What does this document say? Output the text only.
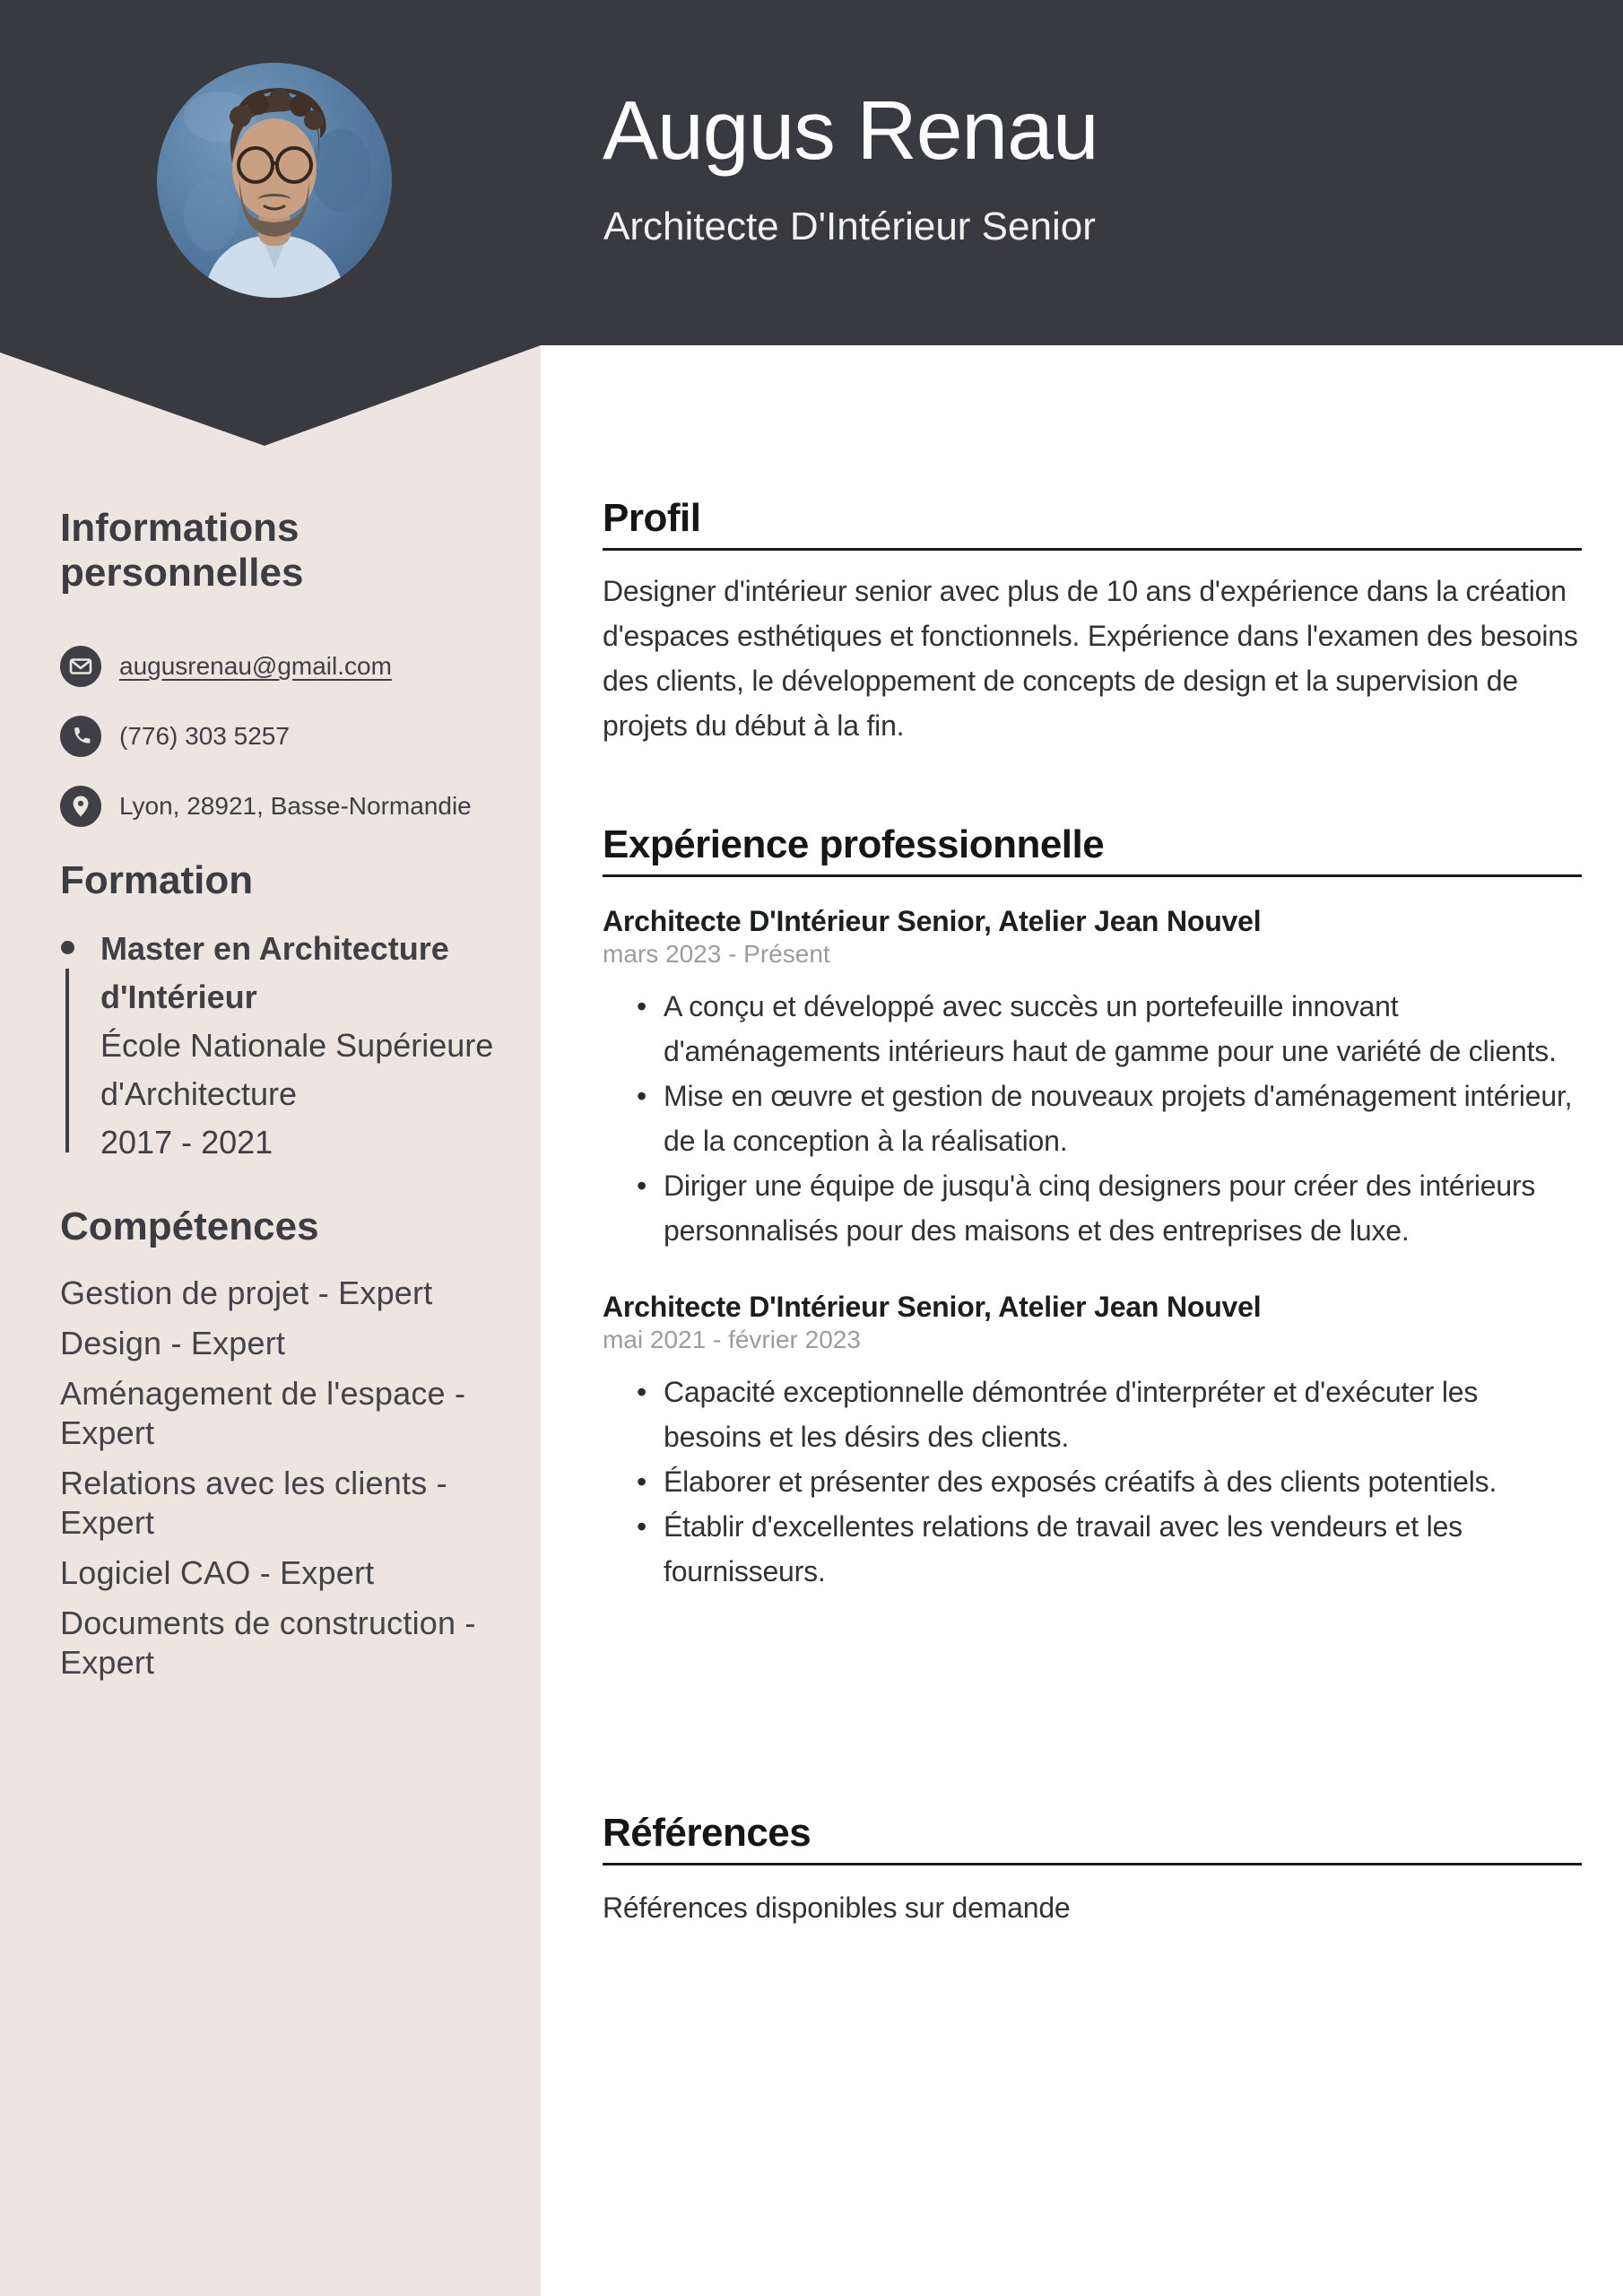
Augus Renau
Architecte D'Intérieur Senior
Informations personnelles
augusrenau@gmail.com
(776) 303 5257
Lyon, 28921, Basse-Normandie
Formation
Master en Architecture d'Intérieur
École Nationale Supérieure d'Architecture
2017 - 2021
Compétences
Gestion de projet - Expert
Design - Expert
Aménagement de l'espace - Expert
Relations avec les clients - Expert
Logiciel CAO - Expert
Documents de construction - Expert
Profil

Designer d'intérieur senior avec plus de 10 ans d'expérience dans la création d'espaces esthétiques et fonctionnels. Expérience dans l'examen des besoins des clients, le développement de concepts de design et la supervision de projets du début à la fin.

Expérience professionnelle
Architecte D'Intérieur Senior, Atelier Jean Nouvel
mars 2023 - Présent
• A conçu et développé avec succès un portefeuille innovant d'aménagements intérieurs haut de gamme pour une variété de clients.
• Mise en œuvre et gestion de nouveaux projets d'aménagement intérieur, de la conception à la réalisation.
• Diriger une équipe de jusqu'à cinq designers pour créer des intérieurs personnalisés pour des maisons et des entreprises de luxe.
Architecte D'Intérieur Senior, Atelier Jean Nouvel
mai 2021 - février 2023
• Capacité exceptionnelle démontrée d'interpréter et d'exécuter les besoins et les désirs des clients.
• Élaborer et présenter des exposés créatifs à des clients potentiels.
• Établir d'excellentes relations de travail avec les vendeurs et les fournisseurs.
Références

Références disponibles sur demande
